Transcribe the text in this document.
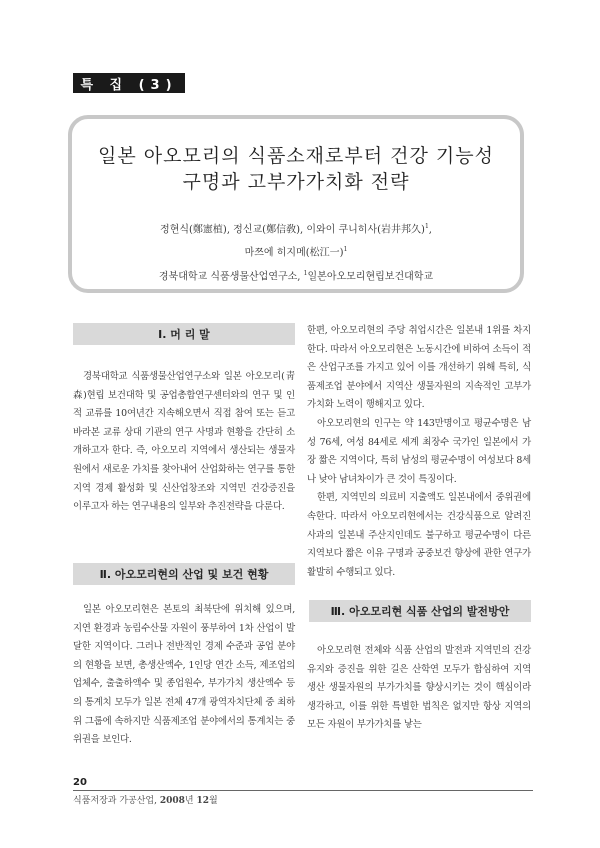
특 집 (3)
일본 아오모리의 식품소재로부터 건강 기능성
구명과 고부가가치화 전략
정현식(鄭憲植), 정신교(鄭信敎), 이와이 쿠니히사(岩井邦久)$^1$,
마쯔에 히지메(松江一)$^1$
경북대학교 식품생물산업연구소, $^1$일본아오모리현립보건대학교
Ⅰ. 머 리 말

경북대학교 식품생물산업연구소와 일본 아오모리(靑森)현립 보건대학 및 공업총합연구센터와의 연구 및 인적 교류를 10여년간 지속해오면서 직접 참여 또는 듣고 바라본 교류 상대 기관의 연구 사명과 현황을 간단히 소개하고자 한다. 즉, 아오모리 지역에서 생산되는 생물자원에서 새로운 가치를 찾아내어 산업화하는 연구를 통한 지역 경제 활성화 및 신산업창조와 지역민 건강증진을 이루고자 하는 연구내용의 일부와 추진전략을 다룬다.

Ⅱ. 아오모리현의 산업 및 보건 현황

일본 아오모리현은 본토의 최북단에 위치해 있으며, 지연 환경과 농림수산물 자원이 풍부하여 1차 산업이 발달한 지역이다. 그러나 전반적인 경제 수준과 공업 분야의 현황을 보면, 총생산액수, 1인당 연간 소득, 제조업의 업체수, 출출하액수 및 종업원수, 부가가치 생산액수 등의 통계치 모두가 일본 전체 47개 광역자치단체 중 최하위 그룹에 속하지만 식품제조업 분야에서의 통계치는 중위권을 보인다.

한편, 아오모리현의 주당 취업시간은 일본내 1위를 차지한다. 따라서 아오모리현은 노동시간에 비하여 소득이 적은 산업구조를 가지고 있어 이를 개선하기 위해 특히, 식품제조업 분야에서 지역산 생물자원의 지속적인 고부가가치화 노력이 행해지고 있다.

아오모리현의 인구는 약 143만명이고 평균수명은 남성 76세, 여성 84세로 세계 최장수 국가인 일본에서 가장 짧은 지역이다, 특히 남성의 평균수명이 여성보다 8세나 낮아 남녀차이가 큰 것이 특징이다.

한편, 지역민의 의료비 지출액도 일본내에서 중위권에 속한다. 따라서 아오모리현에서는 건강식품으로 알려진 사과의 일본내 주산지인데도 불구하고 평균수명이 다른 지역보다 짧은 이유 구명과 공중보건 향상에 관한 연구가 활발히 수행되고 있다.

Ⅲ. 아오모리현 식품 산업의 발전방안

아오모리현 전체와 식품 산업의 발전과 지역민의 건강 유지와 증진을 위한 길은 산학연 모두가 합심하여 지역 생산 생물자원의 부가가치를 향상시키는 것이 핵심이라 생각하고, 이를 위한 특별한 법칙은 없지만 항상 지역의 모든 자원이 부가가치를 낳는

20
식품저장과 가공산업, 2008년 12월
